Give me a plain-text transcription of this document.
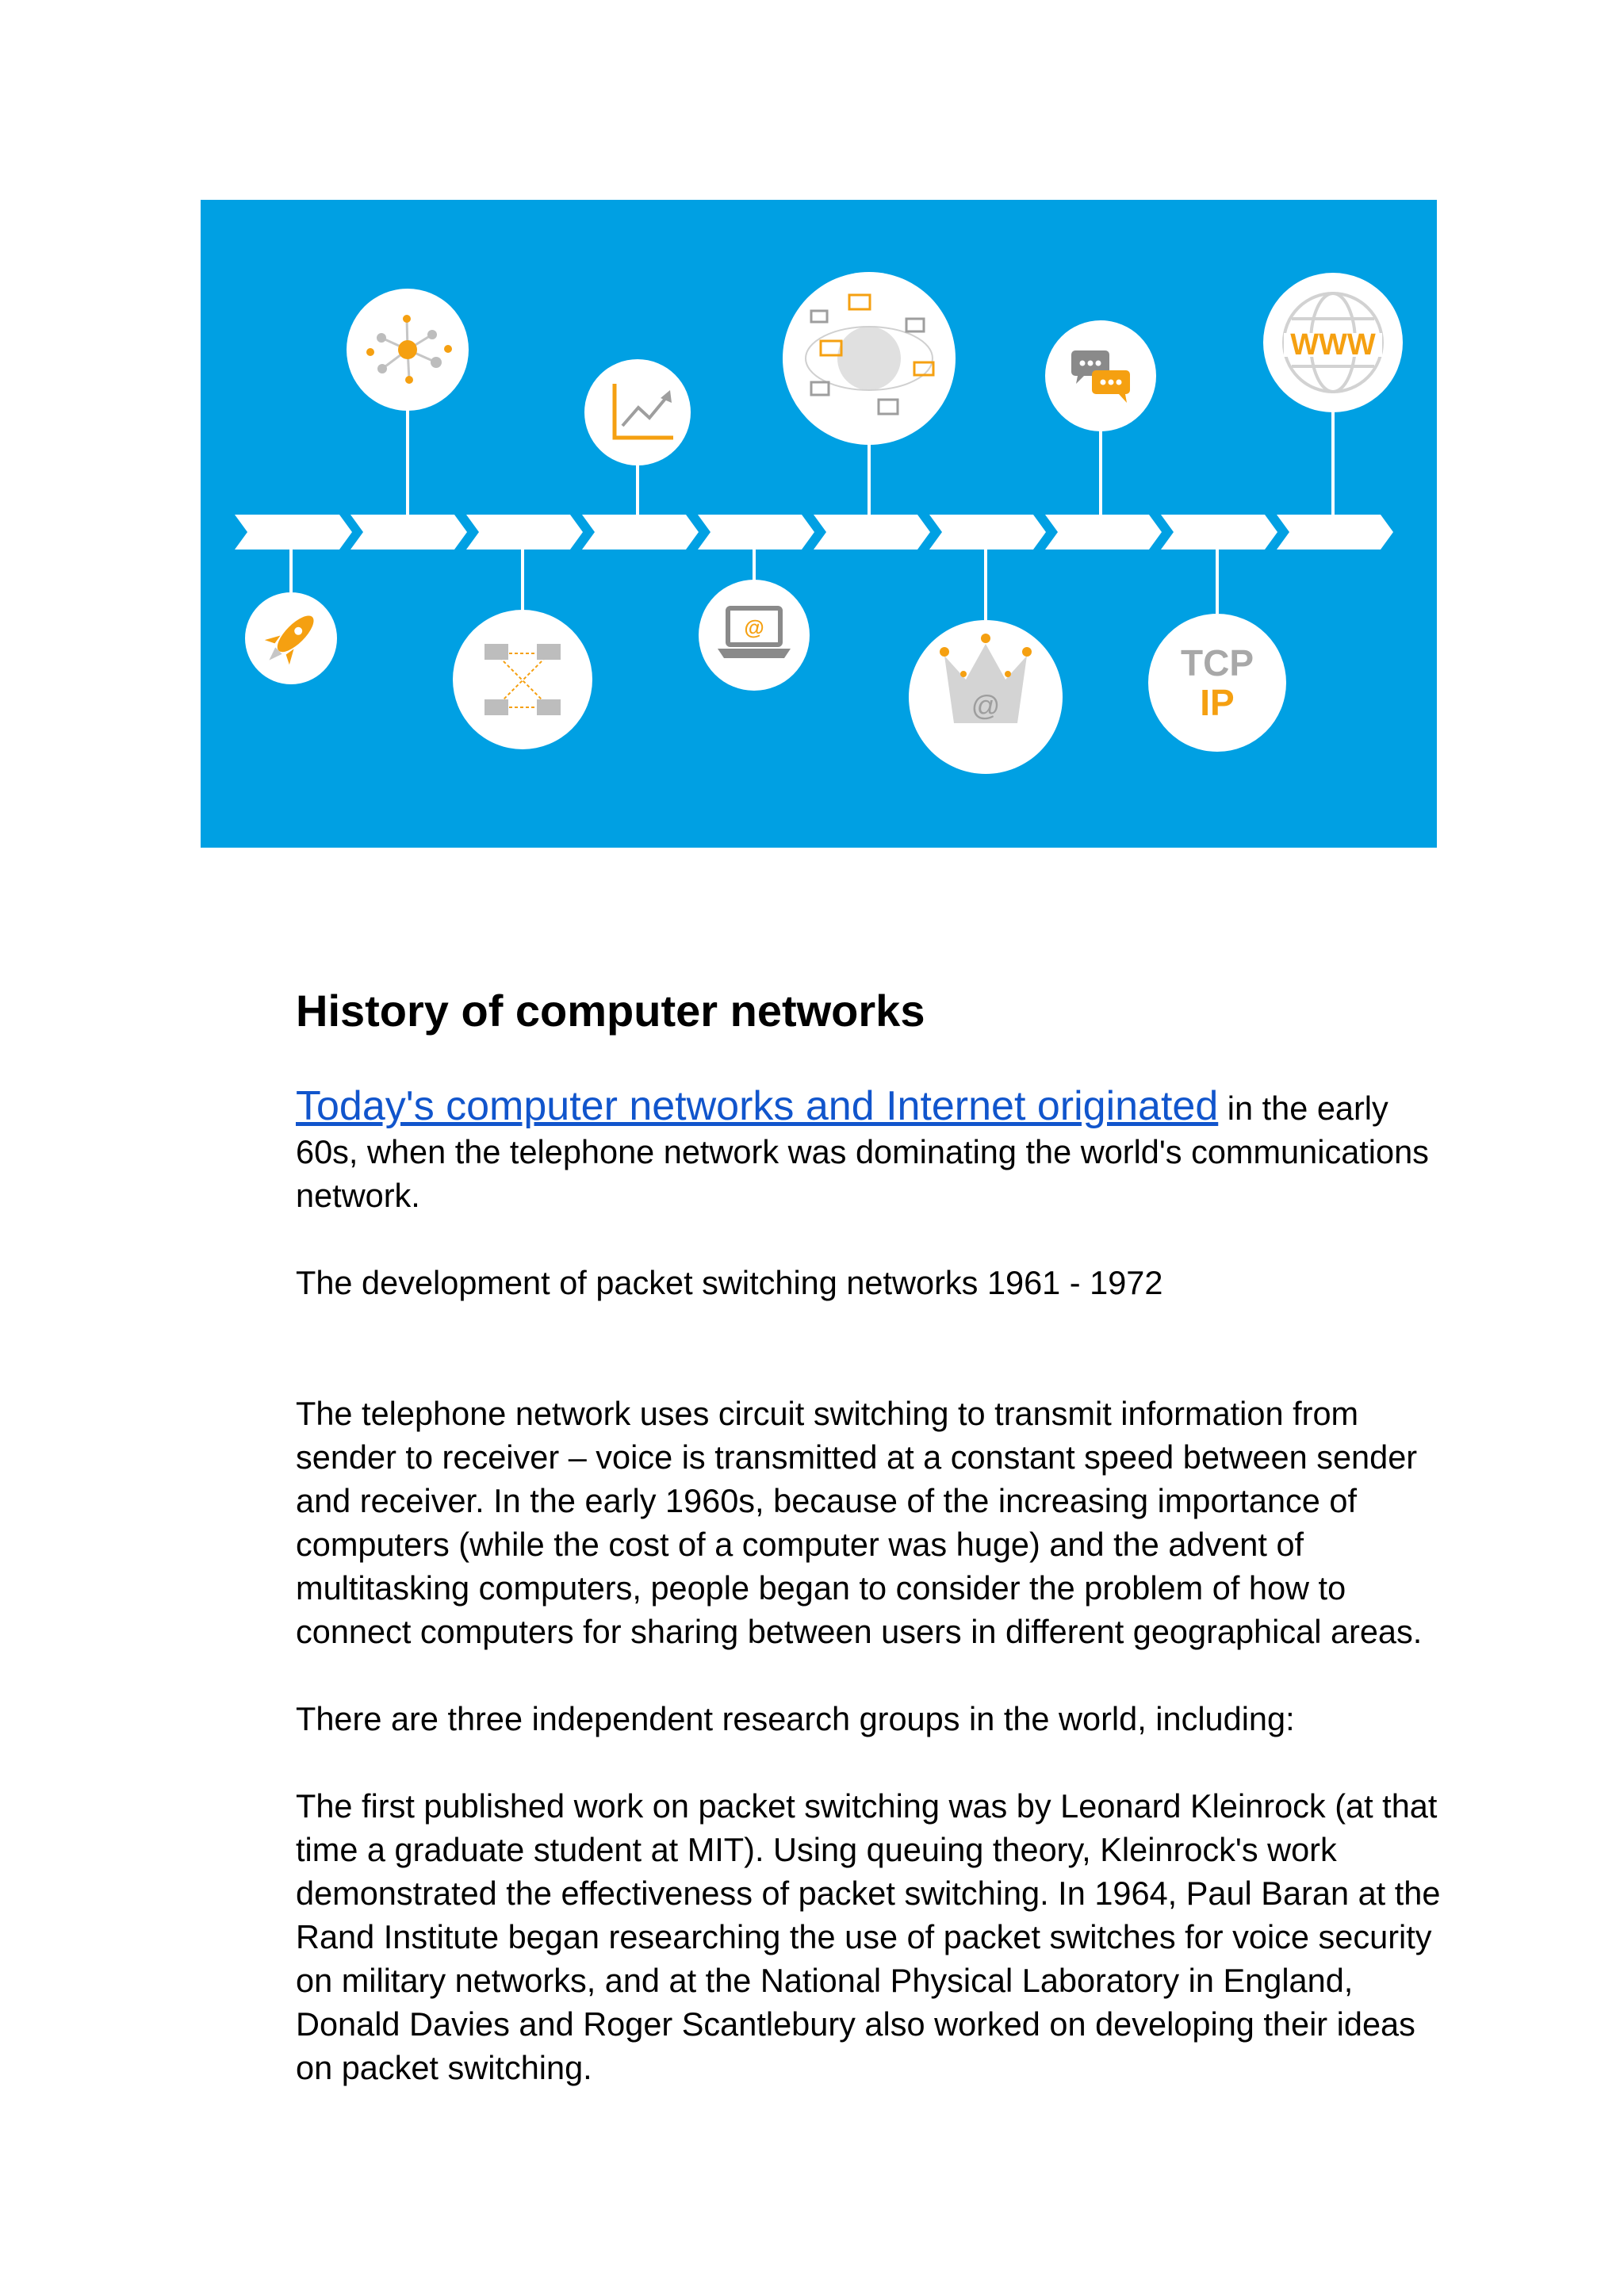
WWW
@
@
TCP
IP
History of computer networks

Today's computer networks and Internet originated in the early 60s, when the telephone network was dominating the world's communications network.

The development of packet switching networks 1961 - 1972

The telephone network uses circuit switching to transmit information from sender to receiver – voice is transmitted at a constant speed between sender and receiver. In the early 1960s, because of the increasing importance of computers (while the cost of a computer was huge) and the advent of multitasking computers, people began to consider the problem of how to connect computers for sharing between users in different geographical areas.

There are three independent research groups in the world, including:

The first published work on packet switching was by Leonard Kleinrock (at that time a graduate student at MIT). Using queuing theory, Kleinrock's work demonstrated the effectiveness of packet switching. In 1964, Paul Baran at the Rand Institute began researching the use of packet switches for voice security on military networks, and at the National Physical Laboratory in England, Donald Davies and Roger Scantlebury also worked on developing their ideas on packet switching.
